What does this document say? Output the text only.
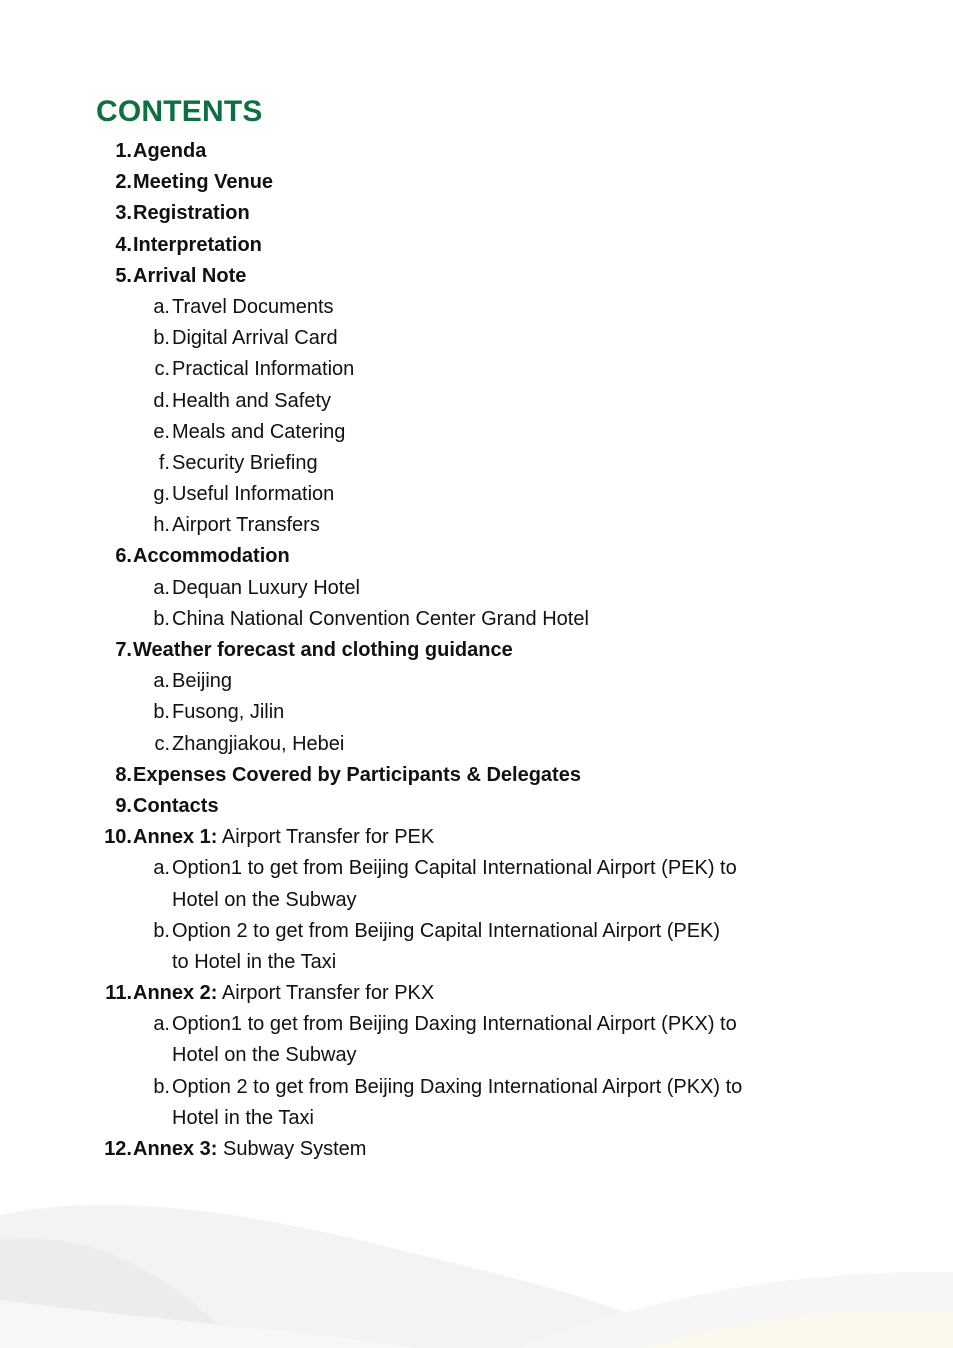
CONTENTS
1. Agenda
2. Meeting Venue
3. Registration
4. Interpretation
5. Arrival Note
a. Travel Documents
b. Digital Arrival Card
c. Practical Information
d. Health and Safety
e. Meals and Catering
f. Security Briefing
g. Useful Information
h. Airport Transfers
6. Accommodation
a. Dequan Luxury Hotel
b. China National Convention Center Grand Hotel
7. Weather forecast and clothing guidance
a. Beijing
b. Fusong, Jilin
c. Zhangjiakou, Hebei
8. Expenses Covered by Participants & Delegates
9. Contacts
10. Annex 1: Airport Transfer for PEK
a. Option1 to get from Beijing Capital International Airport (PEK) to
Hotel on the Subway
b. Option 2 to get from Beijing Capital International Airport (PEK)
to Hotel in the Taxi
11. Annex 2: Airport Transfer for PKX
a. Option1 to get from Beijing Daxing International Airport (PKX) to
Hotel on the Subway
b. Option 2 to get from Beijing Daxing International Airport (PKX) to
Hotel in the Taxi
12. Annex 3: Subway System
